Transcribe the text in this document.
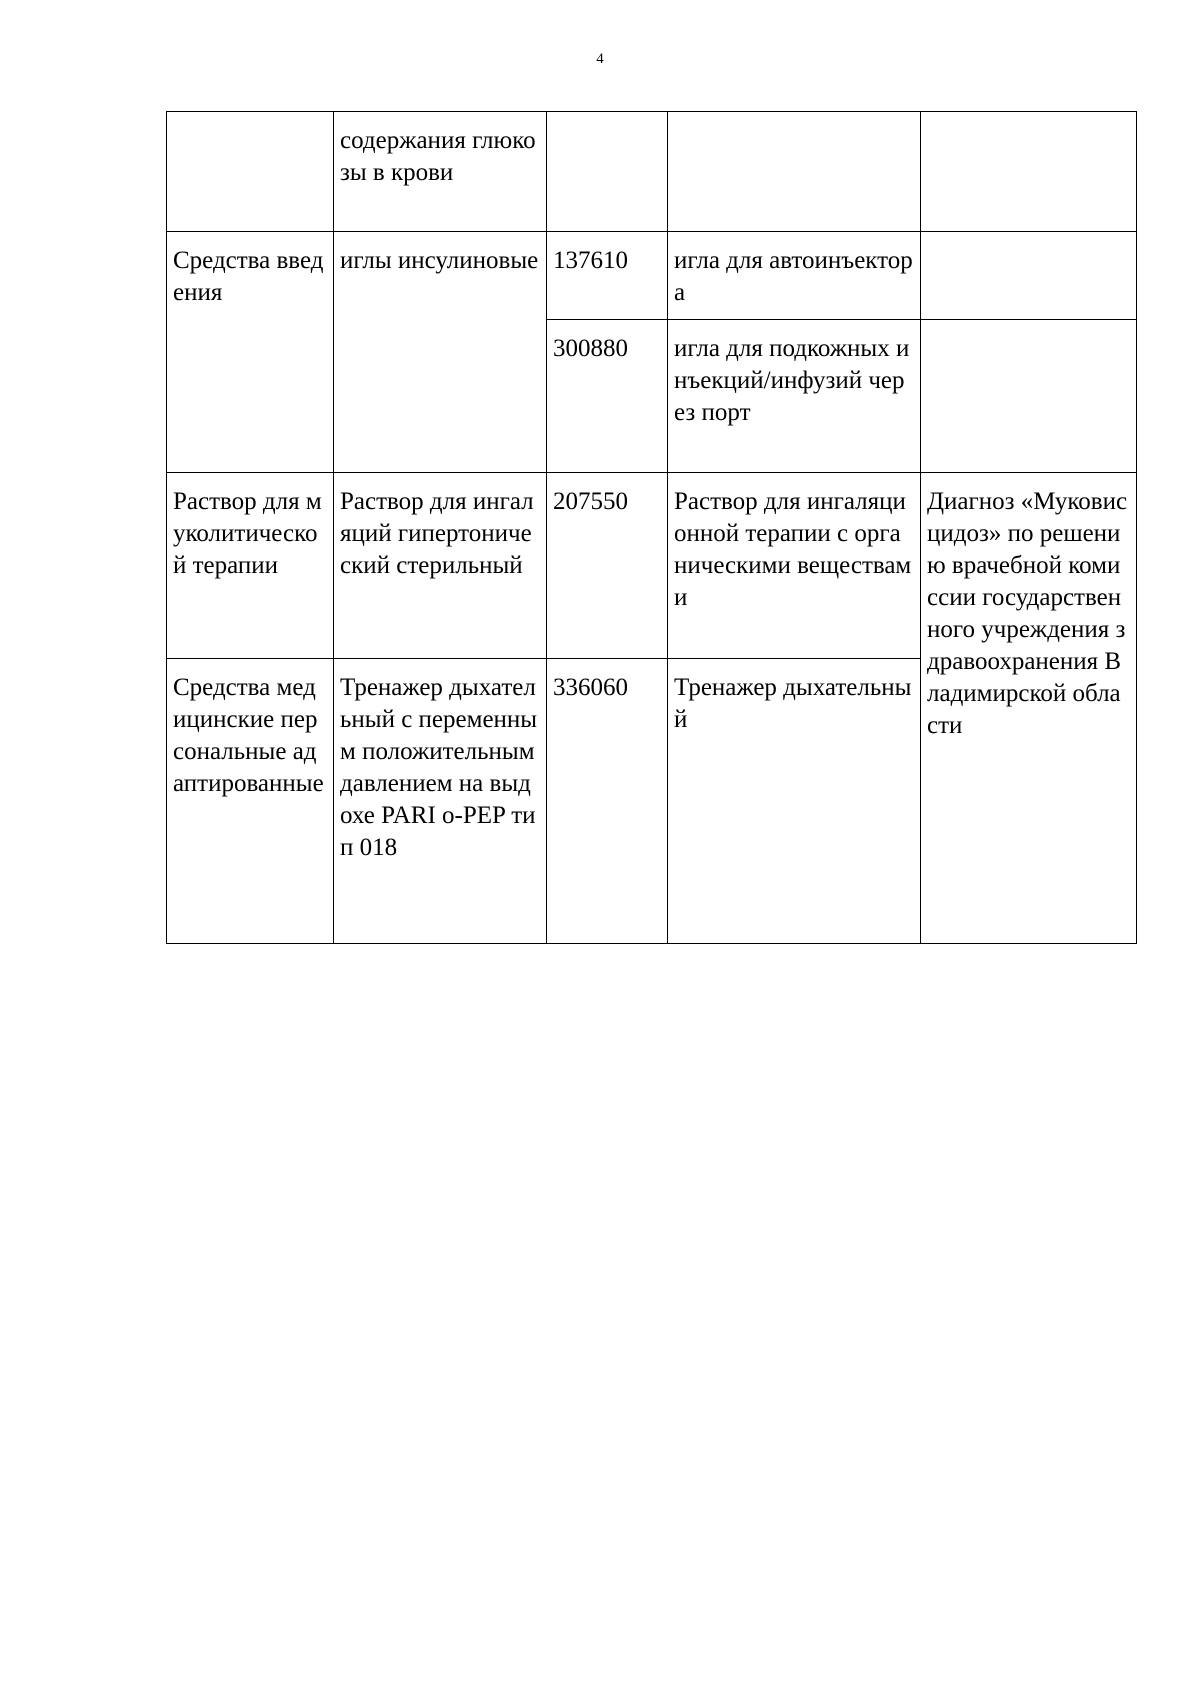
4
	содержания глюкозы в крови			
Средства введения	иглы инсулиновые	137610	игла для автоинъектора	
		300880	игла для подкожных инъекций/инфузий через порт	
Раствор для муколитической терапии	Раствор для ингаляций гипертонический стерильный	207550	Раствор для ингаляционной терапии с органическими веществами	Диагноз «Муковисцидоз» по решению врачебной комиссии государственного учреждения здравоохранения Владимирской области
Средства медицинские персональные адаптированные	Тренажер дыхательный с переменным положительным давлением на выдохе PARI о-PEP тип 018	336060	Тренажер дыхательный	
